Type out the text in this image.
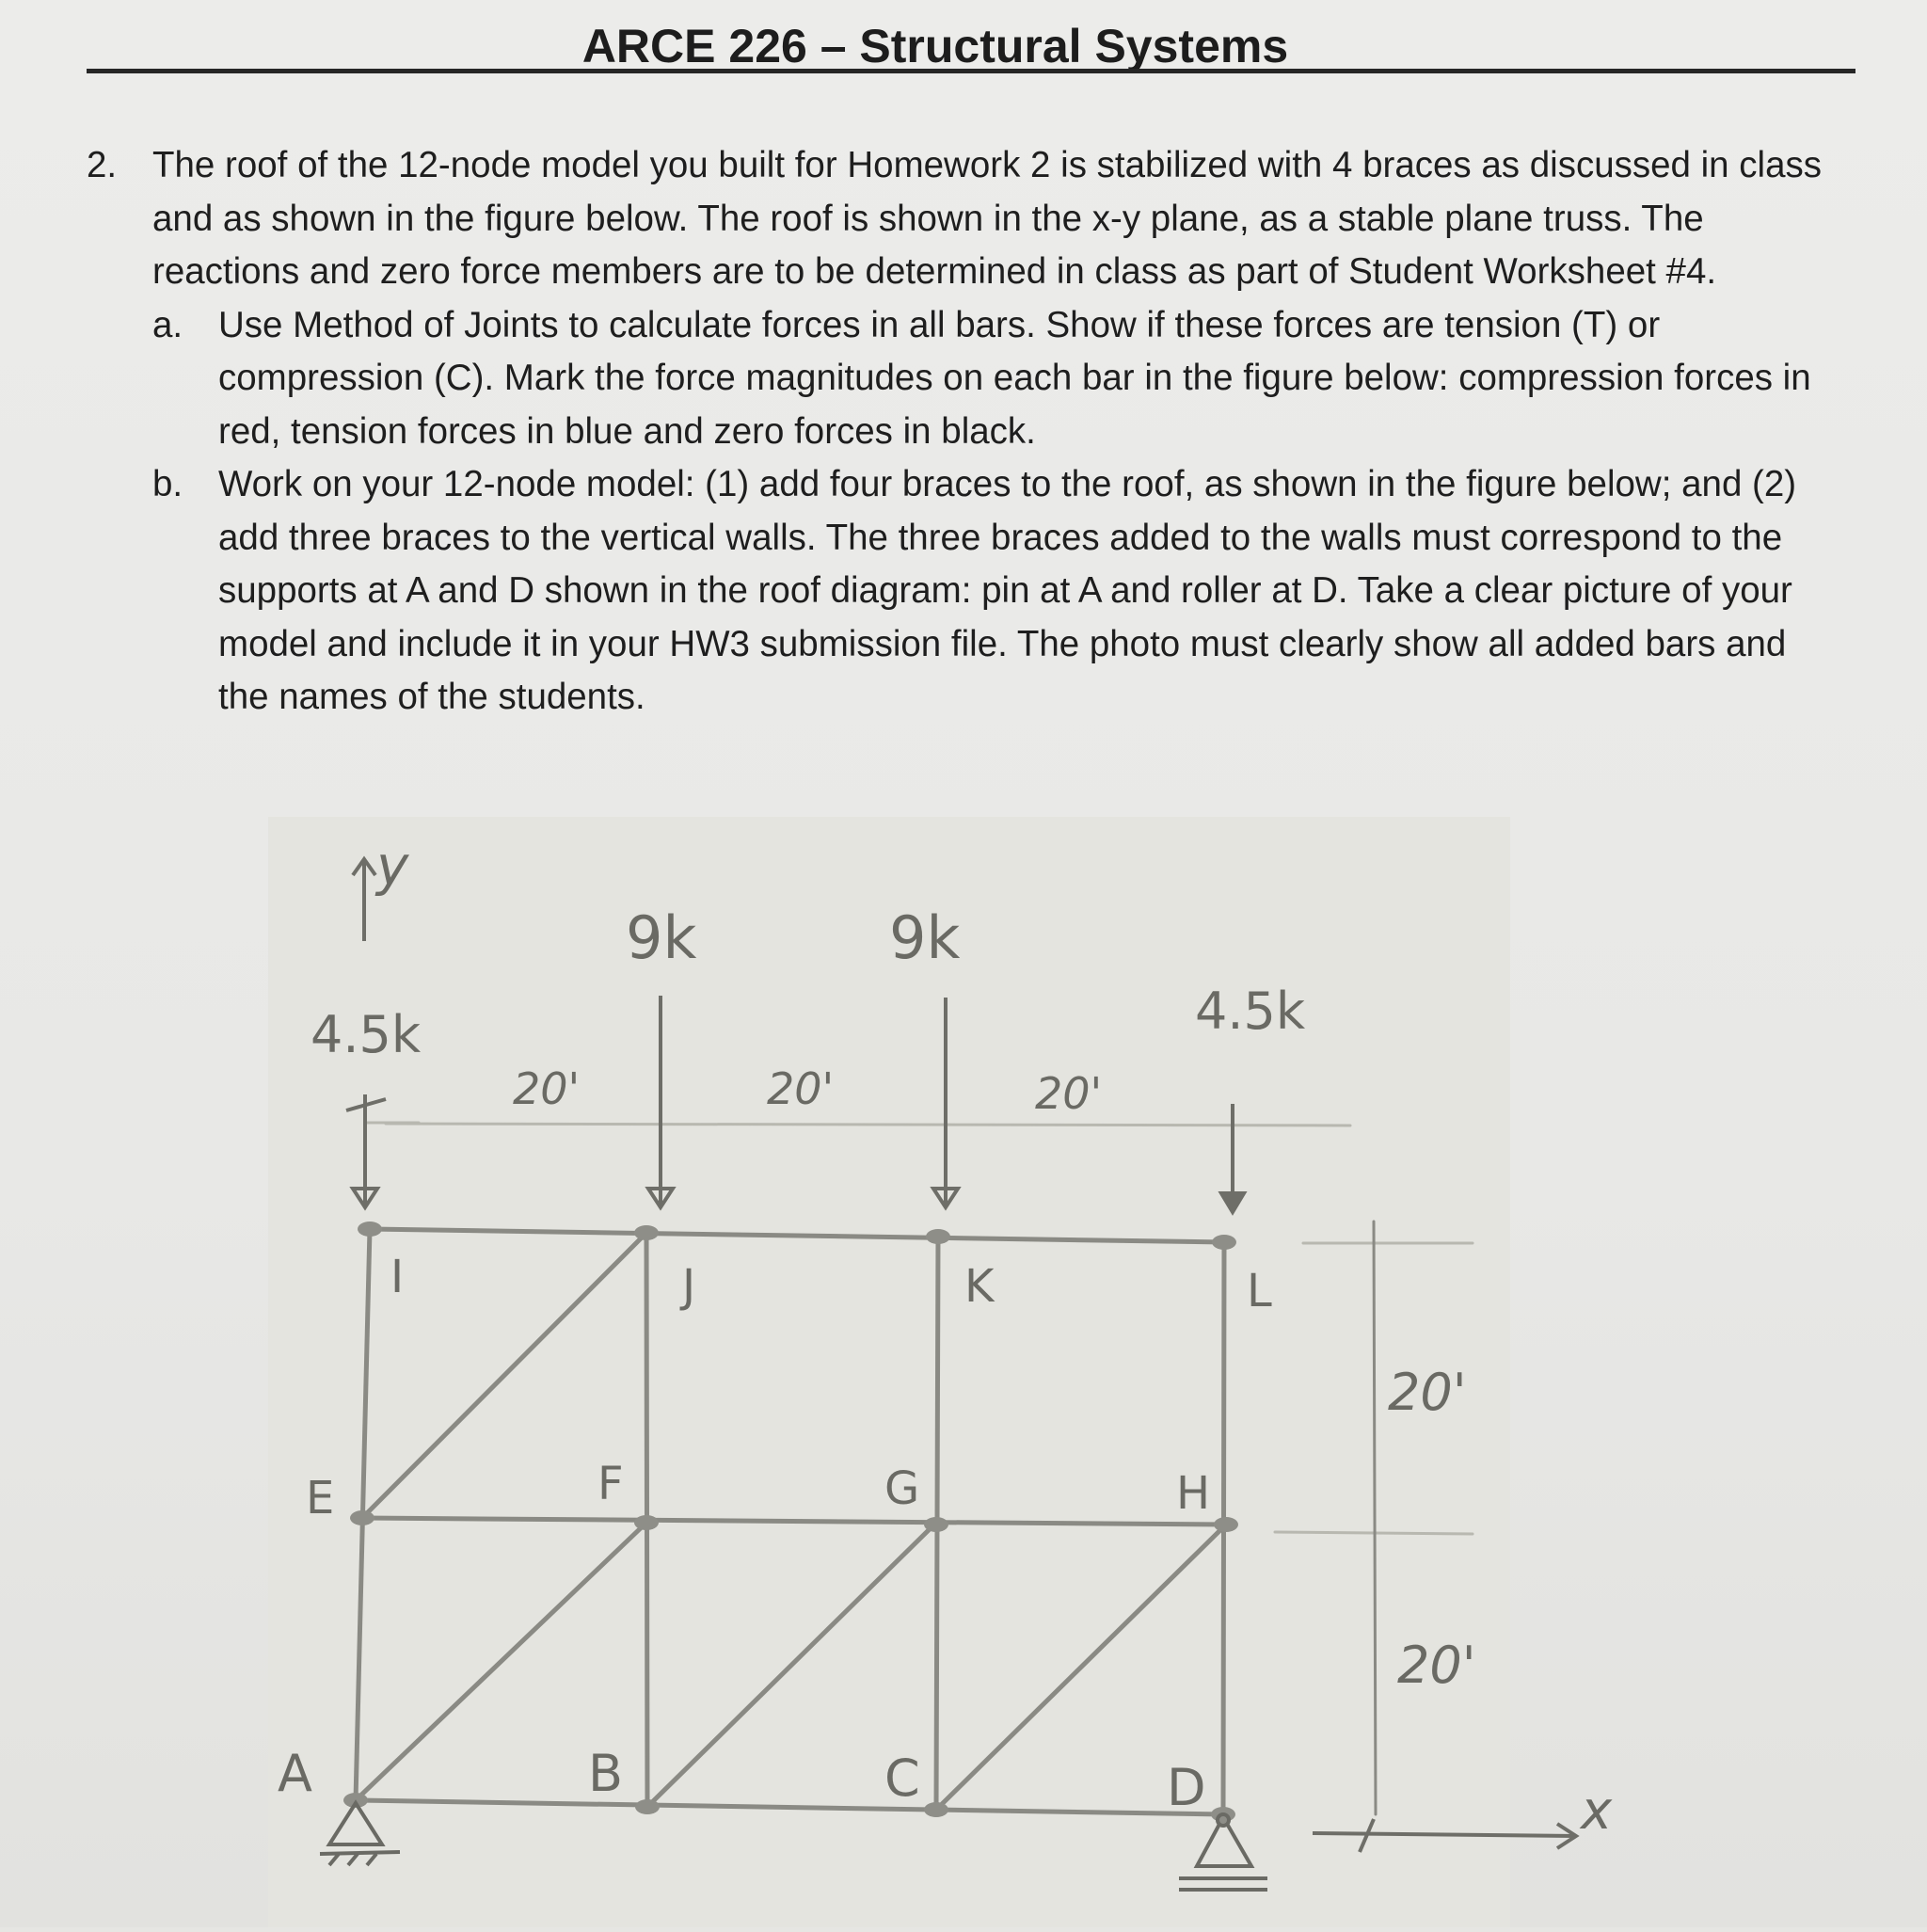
ARCE 226 – Structural Systems
2. The roof of the 12-node model you built for Homework 2 is stabilized with 4 braces as discussed in class and as shown in the figure below. The roof is shown in the x-y plane, as a stable plane truss. The reactions and zero force members are to be determined in class as part of Student Worksheet #4.
a. Use Method of Joints to calculate forces in all bars. Show if these forces are tension (T) or compression (C). Mark the force magnitudes on each bar in the figure below: compression forces in red, tension forces in blue and zero forces in black.
b. Work on your 12-node model: (1) add four braces to the roof, as shown in the figure below; and (2) add three braces to the vertical walls. The three braces added to the walls must correspond to the supports at A and D shown in the roof diagram: pin at A and roller at D. Take a clear picture of your model and include it in your HW3 submission file. The photo must clearly show all added bars and the names of the students.
y
x
4.5k
9k	9k
4.5k
20'	20'	20'
20'
20'
I	J	K	L
E	F	G	H
A	B	C	D
